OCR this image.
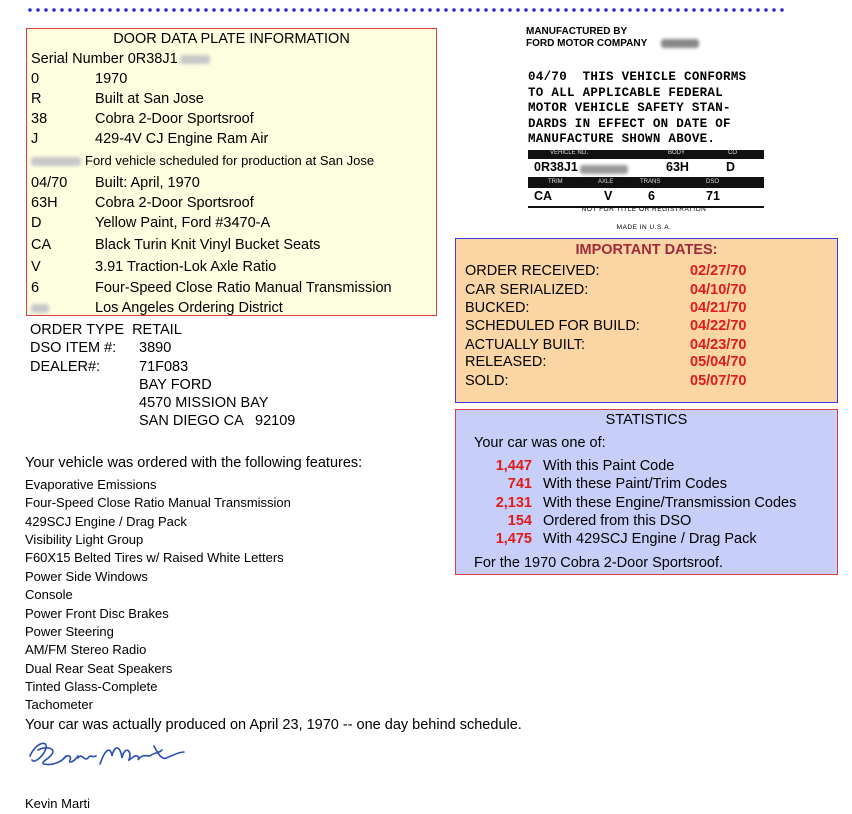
DOOR DATA PLATE INFORMATION
Serial Number 0R38J1
0	1970
R	Built at San Jose
38	Cobra 2-Door Sportsroof
J	429-4V CJ Engine Ram Air
Ford vehicle scheduled for production at San Jose
04/70 Built: April, 1970
63H	Cobra 2-Door Sportsroof
D	Yellow Paint, Ford #3470-A
CA	Black Turin Knit Vinyl Bucket Seats
V	3.91 Traction-Lok Axle Ratio
6	Four-Speed Close Ratio Manual Transmission
Los Angeles Ordering District
ORDER TYPE RETAIL
DSO ITEM #: 3890
DEALER#:	71F083
BAY FORD
4570 MISSION BAY
SAN DIEGO CA   92109
Your vehicle was ordered with the following features:
Evaporative Emissions
Four-Speed Close Ratio Manual Transmission
429SCJ Engine / Drag Pack
Visibility Light Group
F60X15 Belted Tires w/ Raised White Letters
Power Side Windows
Console
Power Front Disc Brakes
Power Steering
AM/FM Stereo Radio
Dual Rear Seat Speakers
Tinted Glass-Complete
Tachometer
Your car was actually produced on April 23, 1970 -- one day behind schedule.
Kevin Marti
MANUFACTURED BY
FORD MOTOR COMPANY
04/70  THIS VEHICLE CONFORMS
TO ALL APPLICABLE FEDERAL
MOTOR VEHICLE SAFETY STAN-
DARDS IN EFFECT ON DATE OF
MANUFACTURE SHOWN ABOVE.
VEHICLE NO.	BODY	CO
0R38J1	63H	D
TRIM	AXLE	TRANS	DSO
CA	V	6	71
NOT FOR TITLE OR REGISTRATION
MADE IN U.S.A.
IMPORTANT DATES:
ORDER RECEIVED:	02/27/70
CAR SERIALIZED:	04/10/70
BUCKED:	04/21/70
SCHEDULED FOR BUILD:	04/22/70
ACTUALLY BUILT:	04/23/70
RELEASED:	05/04/70
SOLD:	05/07/70
STATISTICS
Your car was one of:
1,447 With this Paint Code
741 With these Paint/Trim Codes
2,131 With these Engine/Transmission Codes
154 Ordered from this DSO
1,475 With 429SCJ Engine / Drag Pack
For the 1970 Cobra 2-Door Sportsroof.
